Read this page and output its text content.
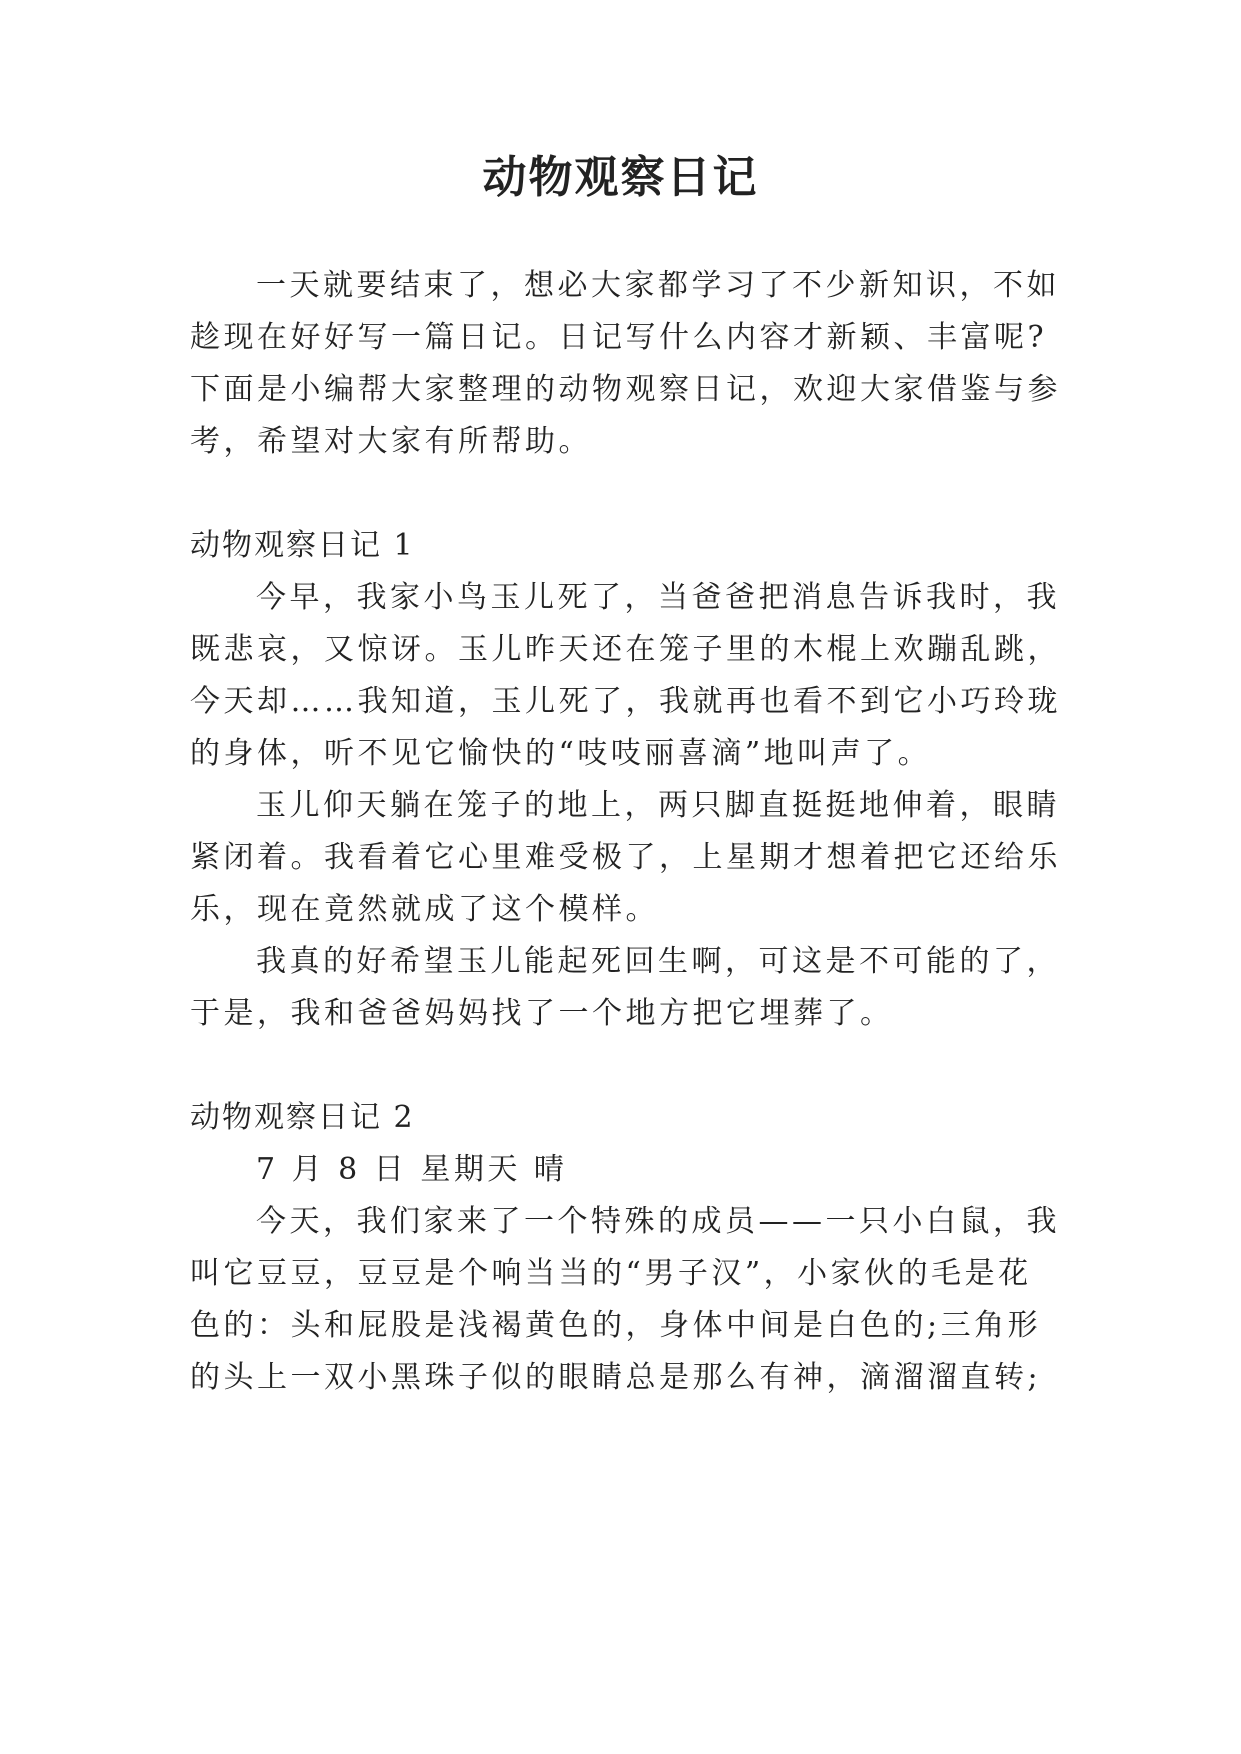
动物观察日记

一天就要结束了，想必大家都学习了不少新知识，不如

趁现在好好写一篇日记。日记写什么内容才新颖、丰富呢?

下面是小编帮大家整理的动物观察日记，欢迎大家借鉴与参

考，希望对大家有所帮助。

动物观察日记 1

今早，我家小鸟玉儿死了，当爸爸把消息告诉我时，我

既悲哀，又惊讶。玉儿昨天还在笼子里的木棍上欢蹦乱跳，

今天却……我知道，玉儿死了，我就再也看不到它小巧玲珑

的身体，听不见它愉快的“吱吱丽喜滴”地叫声了。

玉儿仰天躺在笼子的地上，两只脚直挺挺地伸着，眼睛

紧闭着。我看着它心里难受极了，上星期才想着把它还给乐

乐，现在竟然就成了这个模样。

我真的好希望玉儿能起死回生啊，可这是不可能的了，

于是，我和爸爸妈妈找了一个地方把它埋葬了。

动物观察日记 2

7 月 8 日 星期天 晴

今天，我们家来了一个特殊的成员——一只小白鼠，我

叫它豆豆，豆豆是个响当当的“男子汉”，小家伙的毛是花

色的：头和屁股是浅褐黄色的，身体中间是白色的;三角形

的头上一双小黑珠子似的眼睛总是那么有神，滴溜溜直转;
